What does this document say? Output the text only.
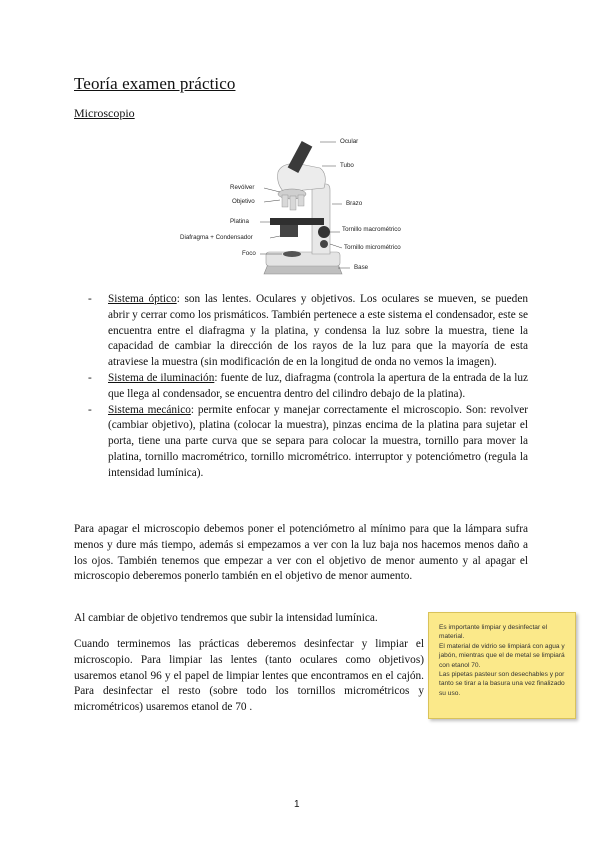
Teoría examen práctico
Microscopio
Ocular
Tubo
Revólver
Objetivo	Brazo
Platina
Tornillo macrométrico
Diafragma + Condensador
Tornillo micrométrico
Foco
Base
- Sistema óptico: son las lentes. Oculares y objetivos. Los oculares se mueven, se pueden abrir y cerrar como los prismáticos. También pertenece a este sistema el condensador, este se encuentra entre el diafragma y la platina, y condensa la luz sobre la muestra, tiene la capacidad de cambiar la dirección de los rayos de la luz para que la mayoría de esta atraviese la muestra (sin modificación de en la longitud de onda no vemos la imagen).
- Sistema de iluminación: fuente de luz, diafragma (controla la apertura de la entrada de la luz que llega al condensador, se encuentra dentro del cilindro debajo de la platina).
- Sistema mecánico: permite enfocar y manejar correctamente el microscopio. Son: revolver (cambiar objetivo), platina (colocar la muestra), pinzas encima de la platina para sujetar el porta, tiene una parte curva que se separa para colocar la muestra, tornillo para mover la platina, tornillo macrométrico, tornillo micrométrico. interruptor y potenciómetro (regula la intensidad lumínica).

Para apagar el microscopio debemos poner el potenciómetro al mínimo para que la lámpara sufra menos y dure más tiempo, además si empezamos a ver con la luz baja nos hacemos menos daño a los ojos. También tenemos que empezar a ver con el objetivo de menor aumento y al apagar el microscopio deberemos ponerlo también en el objetivo de menor aumento.

Al cambiar de objetivo tendremos que subir la intensidad lumínica.

Cuando terminemos las prácticas deberemos desinfectar y limpiar el microscopio. Para limpiar las lentes (tanto oculares como objetivos) usaremos etanol 96 y el papel de limpiar lentes que encontramos en el cajón. Para desinfectar el resto (sobre todo los tornillos micrométricos y micrométricos) usaremos etanol de 70 .

Es importante limpiar y desinfectar el material.

El material de vidrio se limpiará con agua y jabón, mientras que el de metal se limpiará con etanol 70.

Las pipetas pasteur son desechables y por tanto se tirar a la basura una vez finalizado su uso.

1
